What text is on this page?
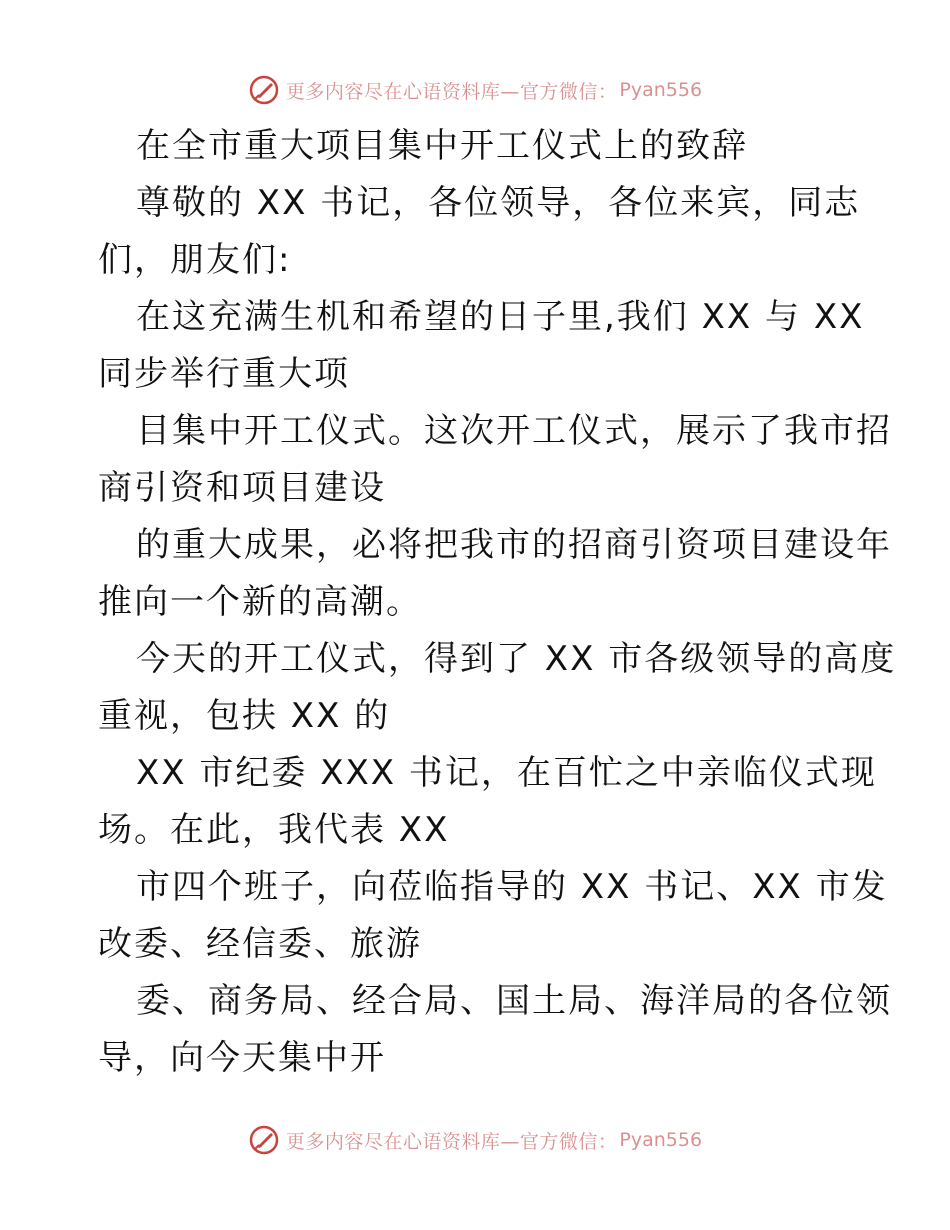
更多内容尽在心语资料库—官方微信： Pyan556
在全市重大项目集中开工仪式上的致辞
尊敬的 XX 书记，各位领导，各位来宾，同志
们，朋友们:
在这充满生机和希望的日子里,我们 XX 与 XX
同步举行重大项
目集中开工仪式。这次开工仪式，展示了我市招
商引资和项目建设
的重大成果，必将把我市的招商引资项目建设年
推向一个新的高潮。
今天的开工仪式，得到了 XX 市各级领导的高度
重视，包扶 XX 的
XX 市纪委 XXX 书记，在百忙之中亲临仪式现
场。在此，我代表 XX
市四个班子，向莅临指导的 XX 书记、XX 市发
改委、经信委、旅游
委、商务局、经合局、国土局、海洋局的各位领
导，向今天集中开
更多内容尽在心语资料库—官方微信： Pyan556
